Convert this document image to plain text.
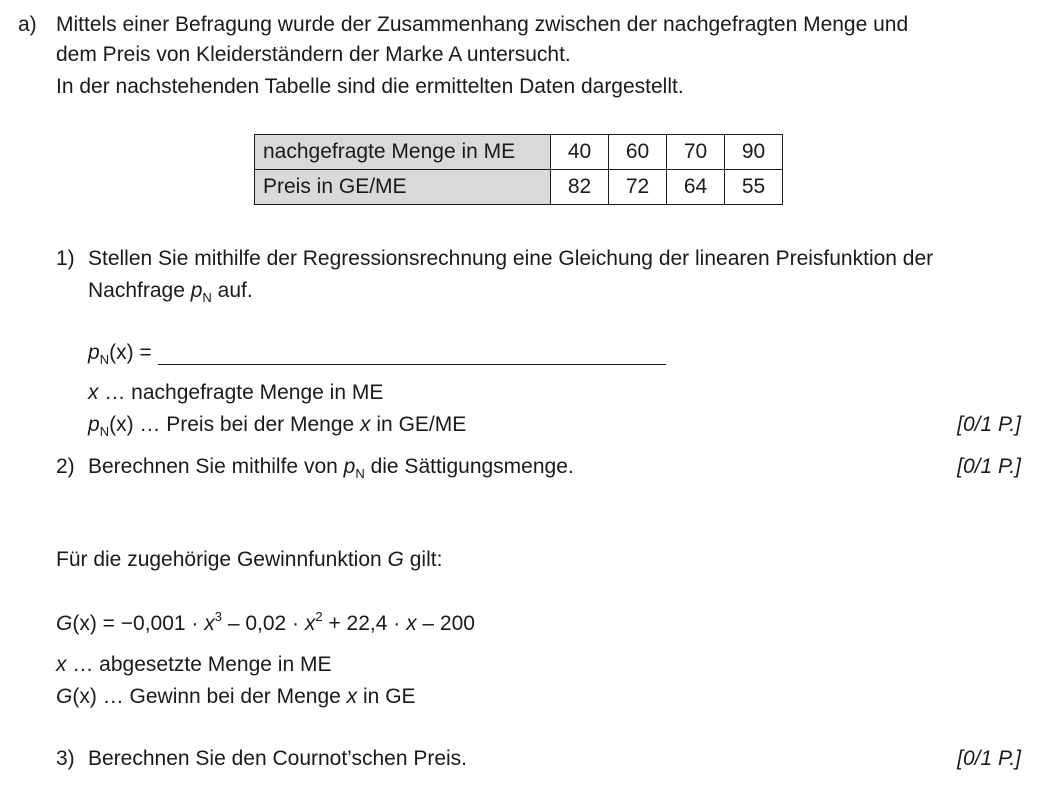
a) Mittels einer Befragung wurde der Zusammenhang zwischen der nachgefragten Menge und
dem Preis von Kleiderständern der Marke A untersucht.
In der nachstehenden Tabelle sind die ermittelten Daten dargestellt.
nachgefragte Menge in ME	40	60	70	90
Preis in GE/ME	82	72	64	55
1) Stellen Sie mithilfe der Regressionsrechnung eine Gleichung der linearen Preisfunktion der
Nachfrage $p_N$ auf.
$p_N(x)$ =
x … nachgefragte Menge in ME
$p_N(x)$ … Preis bei der Menge x in GE/ME	[0/1 P.]
2) Berechnen Sie mithilfe von $p_N$ die Sättigungsmenge.	[0/1 P.]
Für die zugehörige Gewinnfunktion G gilt:
$G(x) = -0,001 \cdot x^3 - 0,02 \cdot x^2 + 22,4 \cdot x - 200$
x … abgesetzte Menge in ME
G(x) … Gewinn bei der Menge x in GE
3) Berechnen Sie den Cournot’schen Preis.	[0/1 P.]
